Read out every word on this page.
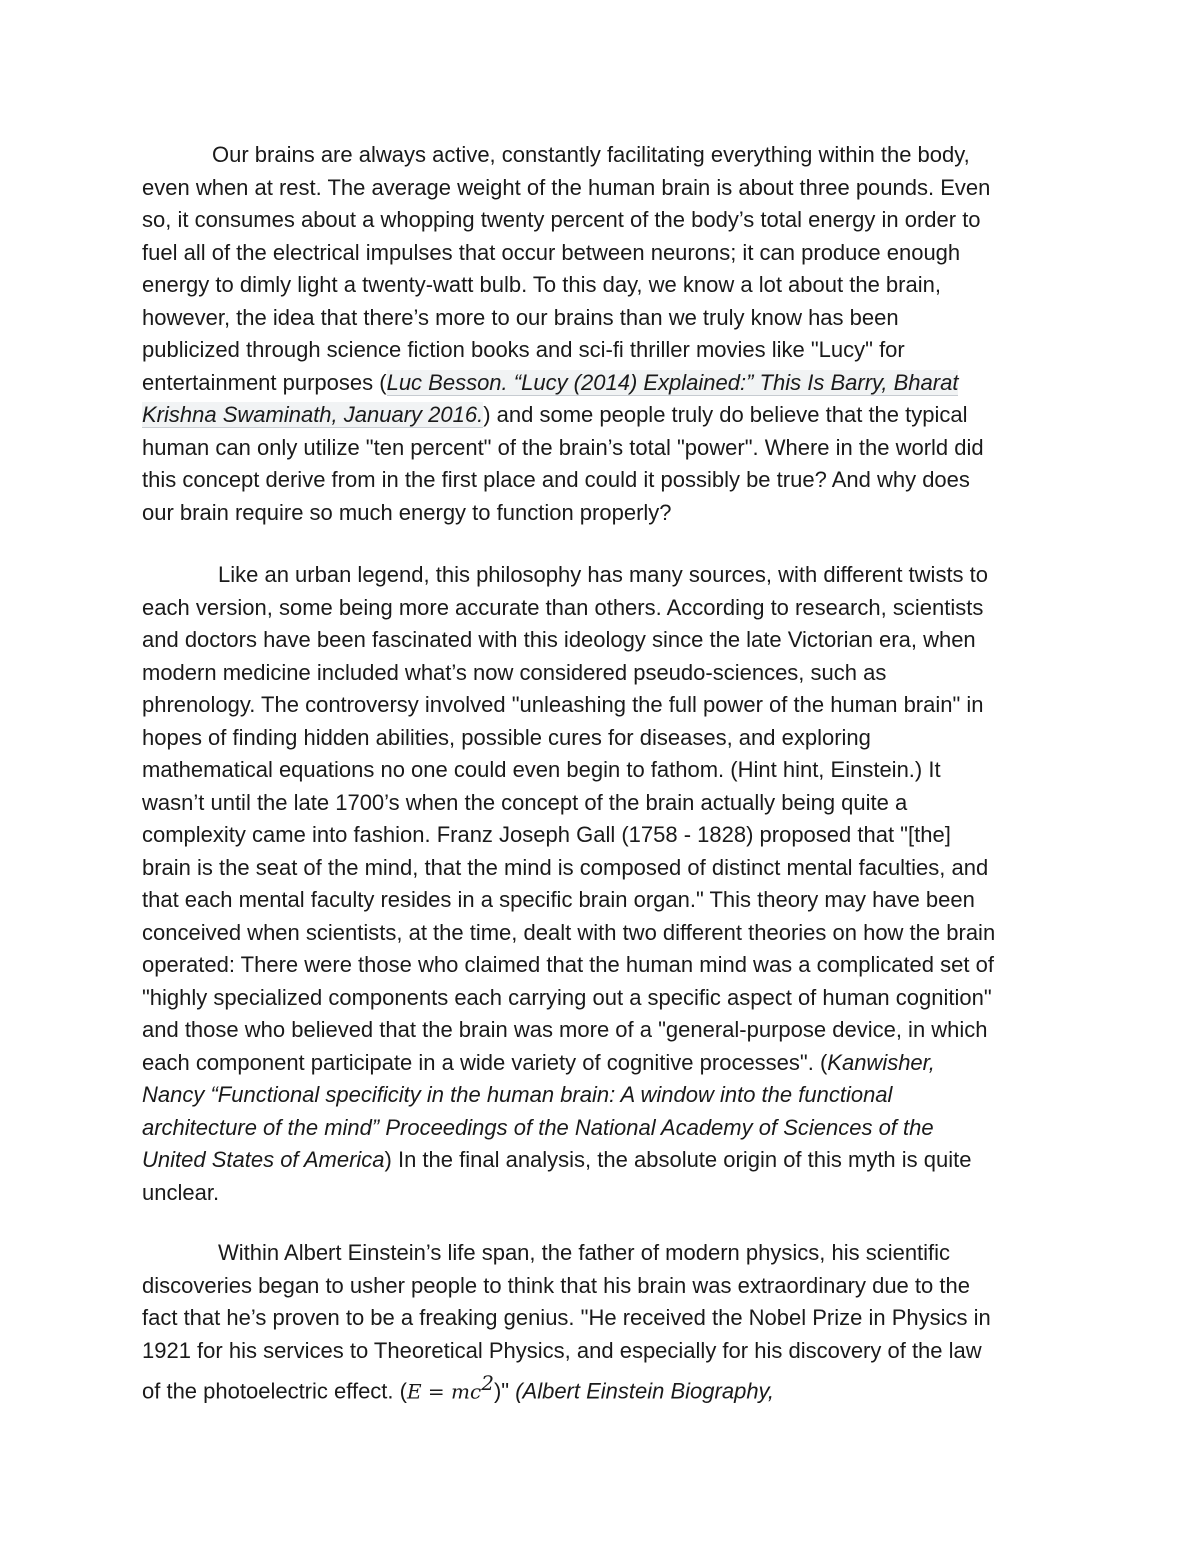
Our brains are always active, constantly facilitating everything within the body,
even when at rest. The average weight of the human brain is about three pounds. Even
so, it consumes about a whopping twenty percent of the body’s total energy in order to
fuel all of the electrical impulses that occur between neurons; it can produce enough
energy to dimly light a twenty-watt bulb. To this day, we know a lot about the brain,
however, the idea that there’s more to our brains than we truly know has been
publicized through science fiction books and sci-fi thriller movies like "Lucy" for
entertainment purposes (Luc Besson. “Lucy (2014) Explained:” This Is Barry, Bharat
Krishna Swaminath, January 2016.) and some people truly do believe that the typical
human can only utilize "ten percent" of the brain’s total "power". Where in the world did
this concept derive from in the first place and could it possibly be true? And why does
our brain require so much energy to function properly?
Like an urban legend, this philosophy has many sources, with different twists to
each version, some being more accurate than others. According to research, scientists
and doctors have been fascinated with this ideology since the late Victorian era, when
modern medicine included what’s now considered pseudo-sciences, such as
phrenology. The controversy involved "unleashing the full power of the human brain" in
hopes of finding hidden abilities, possible cures for diseases, and exploring
mathematical equations no one could even begin to fathom. (Hint hint, Einstein.) It
wasn’t until the late 1700’s when the concept of the brain actually being quite a
complexity came into fashion. Franz Joseph Gall (1758 - 1828) proposed that "[the]
brain is the seat of the mind, that the mind is composed of distinct mental faculties, and
that each mental faculty resides in a specific brain organ." This theory may have been
conceived when scientists, at the time, dealt with two different theories on how the brain
operated: There were those who claimed that the human mind was a complicated set of
"highly specialized components each carrying out a specific aspect of human cognition"
and those who believed that the brain was more of a "general-purpose device, in which
each component participate in a wide variety of cognitive processes". (Kanwisher,
Nancy “Functional specificity in the human brain: A window into the functional
architecture of the mind” Proceedings of the National Academy of Sciences of the
United States of America) In the final analysis, the absolute origin of this myth is quite
unclear.
Within Albert Einstein’s life span, the father of modern physics, his scientific
discoveries began to usher people to think that his brain was extraordinary due to the
fact that he’s proven to be a freaking genius. "He received the Nobel Prize in Physics in
1921 for his services to Theoretical Physics, and especially for his discovery of the law
of the photoelectric effect. $(E = mc^2)$" (Albert Einstein Biography,
